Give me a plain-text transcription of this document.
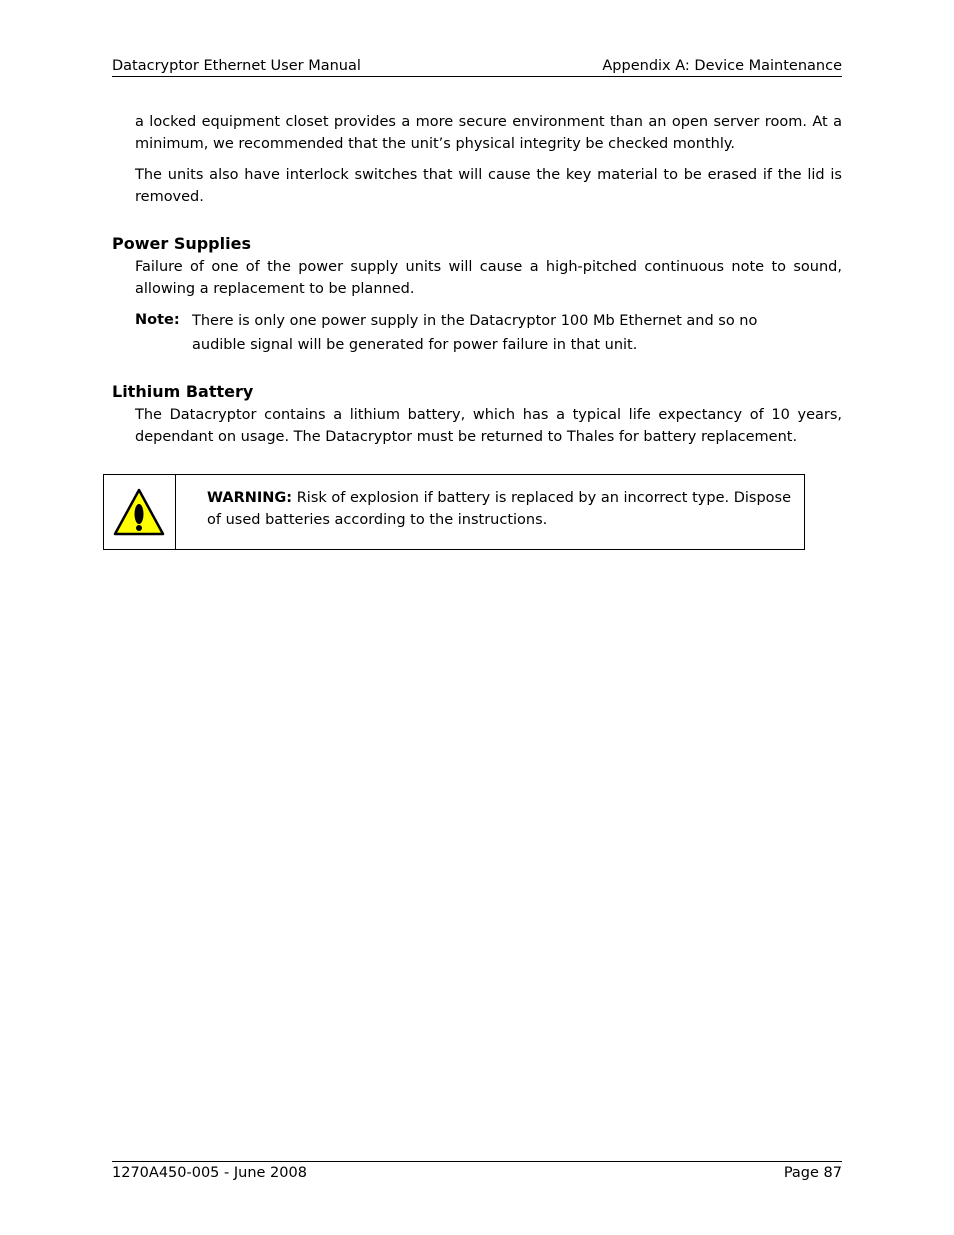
Datacryptor Ethernet User Manual	Appendix A: Device Maintenance

a locked equipment closet provides a more secure environment than an open server room. At a minimum, we recommended that the unit’s physical integrity be checked monthly.

The units also have interlock switches that will cause the key material to be erased if the lid is removed.

Power Supplies

Failure of one of the power supply units will cause a high-pitched continuous note to sound, allowing a replacement to be planned.

Note: There is only one power supply in the Datacryptor 100 Mb Ethernet and so no audible signal will be generated for power failure in that unit.
Lithium Battery

The Datacryptor contains a lithium battery, which has a typical life expectancy of 10 years, dependant on usage. The Datacryptor must be returned to Thales for battery replacement.

WARNING: Risk of explosion if battery is replaced by an incorrect type. Dispose of used batteries according to the instructions.
1270A450-005 - June 2008	Page 87
